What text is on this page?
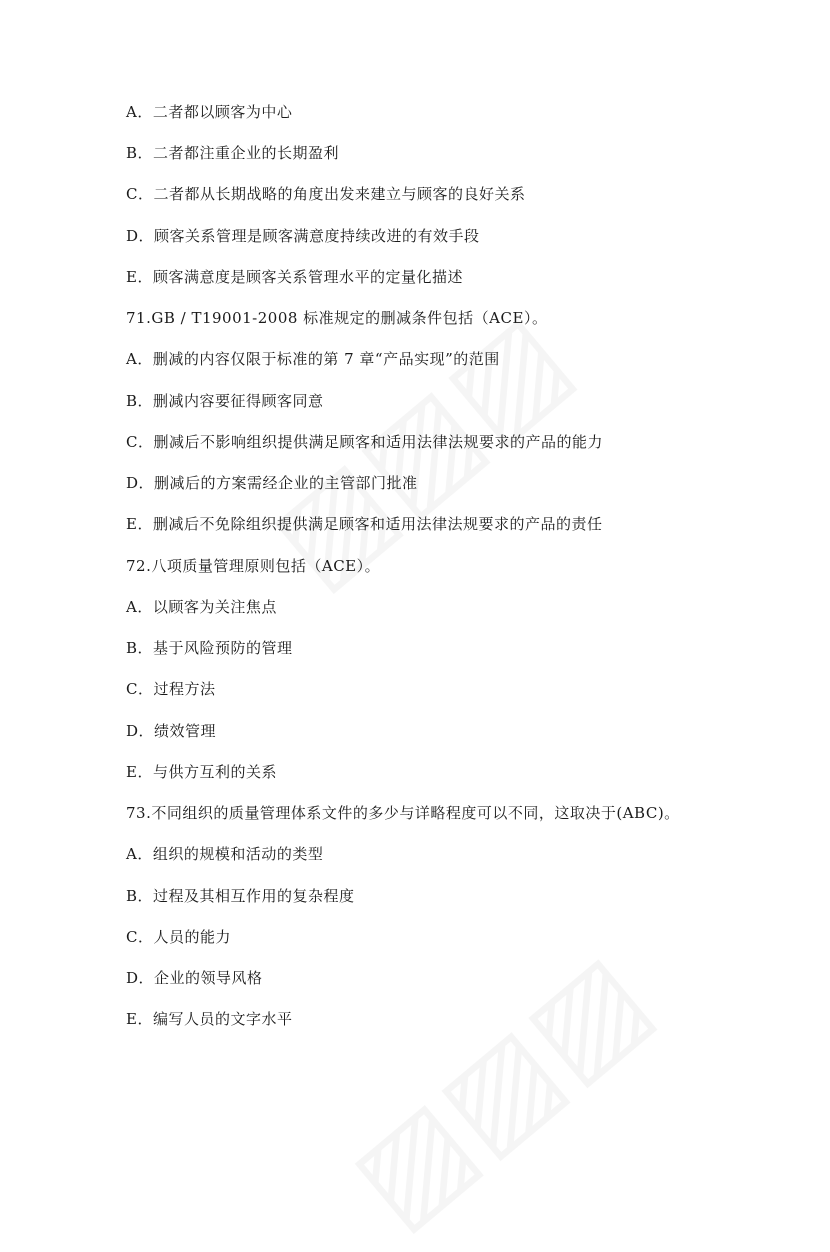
A．二者都以顾客为中心
B．二者都注重企业的长期盈利
C．二者都从长期战略的角度出发来建立与顾客的良好关系
D．顾客关系管理是顾客满意度持续改进的有效手段
E．顾客满意度是顾客关系管理水平的定量化描述
71.GB / T19001-2008 标准规定的删减条件包括（ACE）。
A．删减的内容仅限于标准的第 7 章“产品实现”的范围
B．删减内容要征得顾客同意
C．删减后不影响组织提供满足顾客和适用法律法规要求的产品的能力
D．删减后的方案需经企业的主管部门批准
E．删减后不免除组织提供满足顾客和适用法律法规要求的产品的责任
72.八项质量管理原则包括（ACE）。
A．以顾客为关注焦点
B．基于风险预防的管理
C．过程方法
D．绩效管理
E．与供方互利的关系
73.不同组织的质量管理体系文件的多少与详略程度可以不同，这取决于(ABC)。
A．组织的规模和活动的类型
B．过程及其相互作用的复杂程度
C．人员的能力
D．企业的领导风格
E．编写人员的文字水平
